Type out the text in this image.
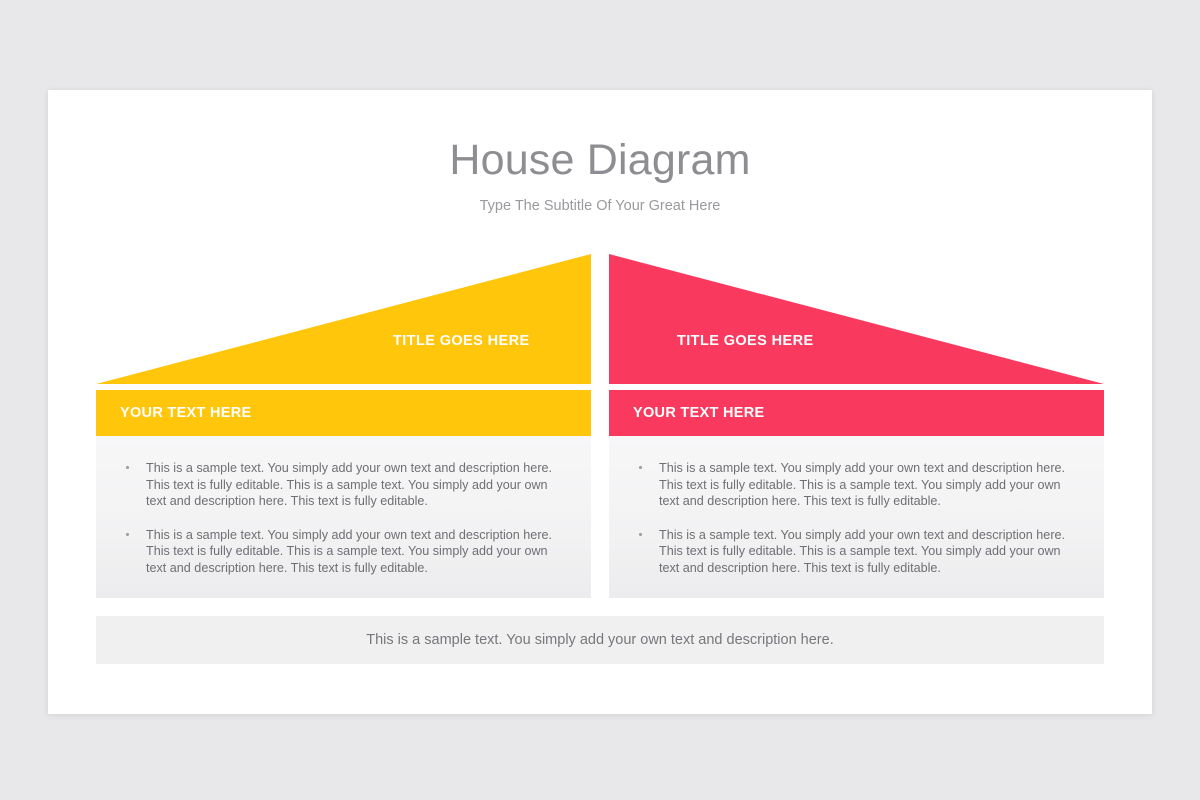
House Diagram
Type The Subtitle Of Your Great Here
TITLE GOES HERE
YOUR TEXT HERE
This is a sample text. You simply add your own text and description here. This text is fully editable. This is a sample text. You simply add your own text and description here. This text is fully editable.
This is a sample text. You simply add your own text and description here. This text is fully editable. This is a sample text. You simply add your own text and description here. This text is fully editable.
TITLE GOES HERE
YOUR TEXT HERE
This is a sample text. You simply add your own text and description here. This text is fully editable. This is a sample text. You simply add your own text and description here. This text is fully editable.
This is a sample text. You simply add your own text and description here. This text is fully editable. This is a sample text. You simply add your own text and description here. This text is fully editable.
This is a sample text. You simply add your own text and description here.
